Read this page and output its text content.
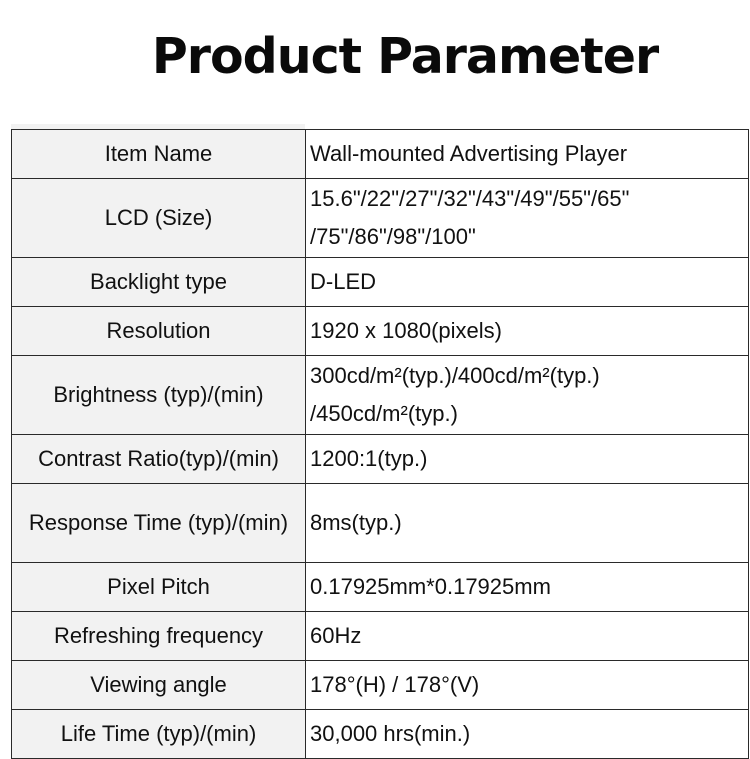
Product Parameter
Item Name	Wall-mounted Advertising Player
LCD (Size)	15.6"/22"/27"/32"/43"/49"/55"/65" /75"/86"/98"/100"
Backlight type	D-LED
Resolution	1920 x 1080(pixels)
Brightness (typ)/(min)	300cd/m²(typ.)/400cd/m²(typ.) /450cd/m²(typ.)
Contrast Ratio(typ)/(min)	1200:1(typ.)
Response Time (typ)/(min)	8ms(typ.)
Pixel Pitch	0.17925mm*0.17925mm
Refreshing frequency	60Hz
Viewing angle	178°(H) / 178°(V)
Life Time (typ)/(min)	30,000 hrs(min.)
